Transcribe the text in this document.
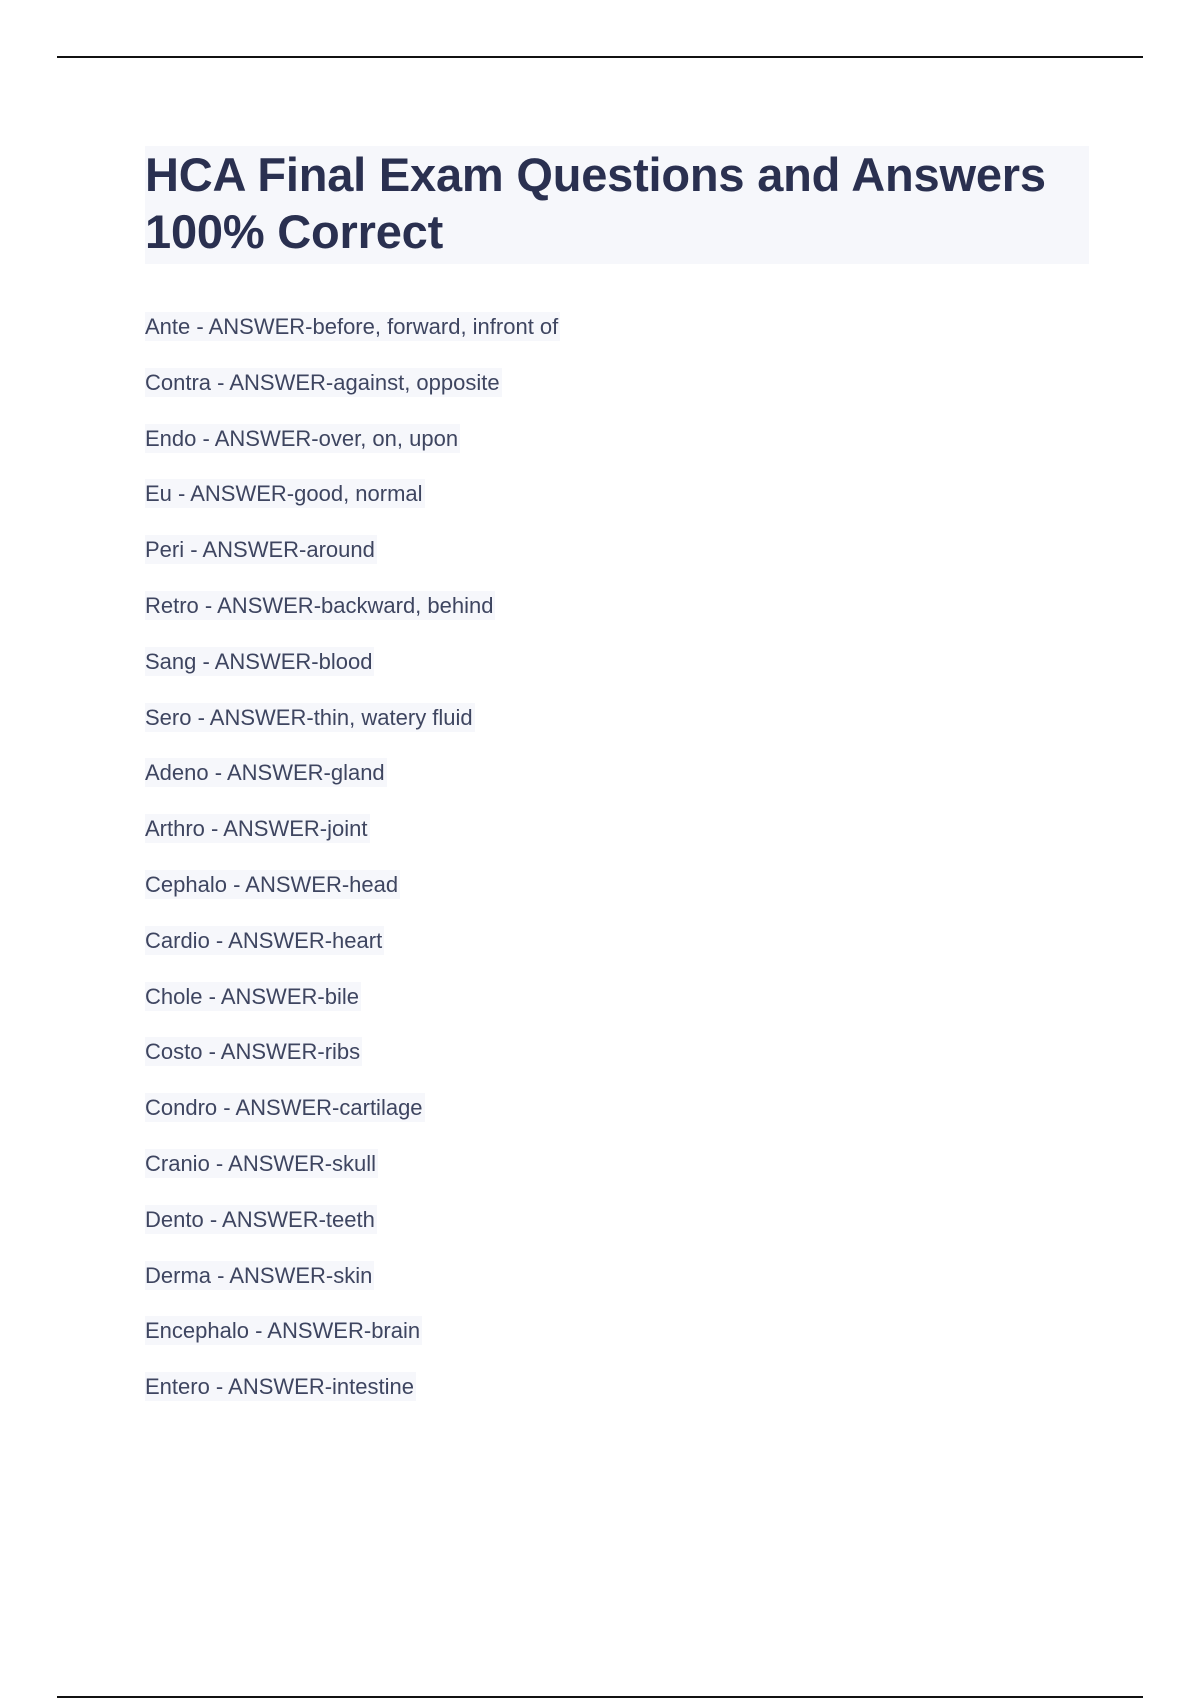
HCA Final Exam Questions and Answers 100% Correct
Ante - ANSWER-before, forward, infront of
Contra - ANSWER-against, opposite
Endo - ANSWER-over, on, upon
Eu - ANSWER-good, normal
Peri - ANSWER-around
Retro - ANSWER-backward, behind
Sang - ANSWER-blood
Sero - ANSWER-thin, watery fluid
Adeno - ANSWER-gland
Arthro - ANSWER-joint
Cephalo - ANSWER-head
Cardio - ANSWER-heart
Chole - ANSWER-bile
Costo - ANSWER-ribs
Condro - ANSWER-cartilage
Cranio - ANSWER-skull
Dento - ANSWER-teeth
Derma - ANSWER-skin
Encephalo - ANSWER-brain
Entero - ANSWER-intestine
